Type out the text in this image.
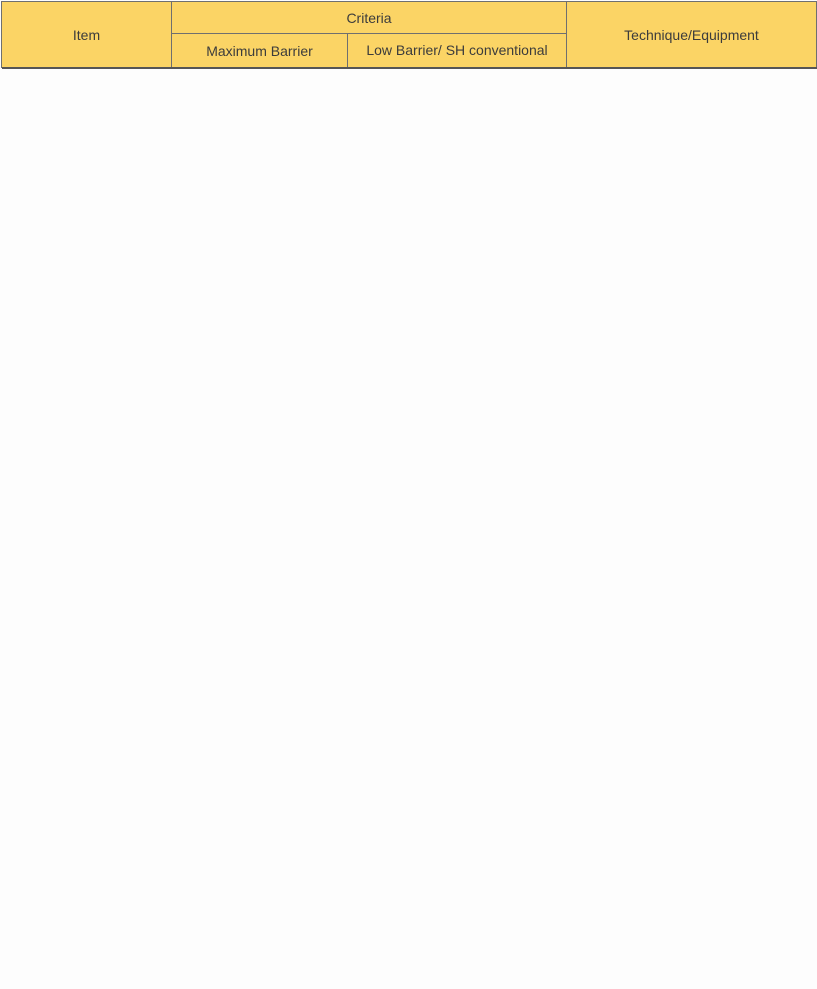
Item	Criteria		Technique/Equipment
	Maximum Barrier	Low Barrier/ SH conventional	
